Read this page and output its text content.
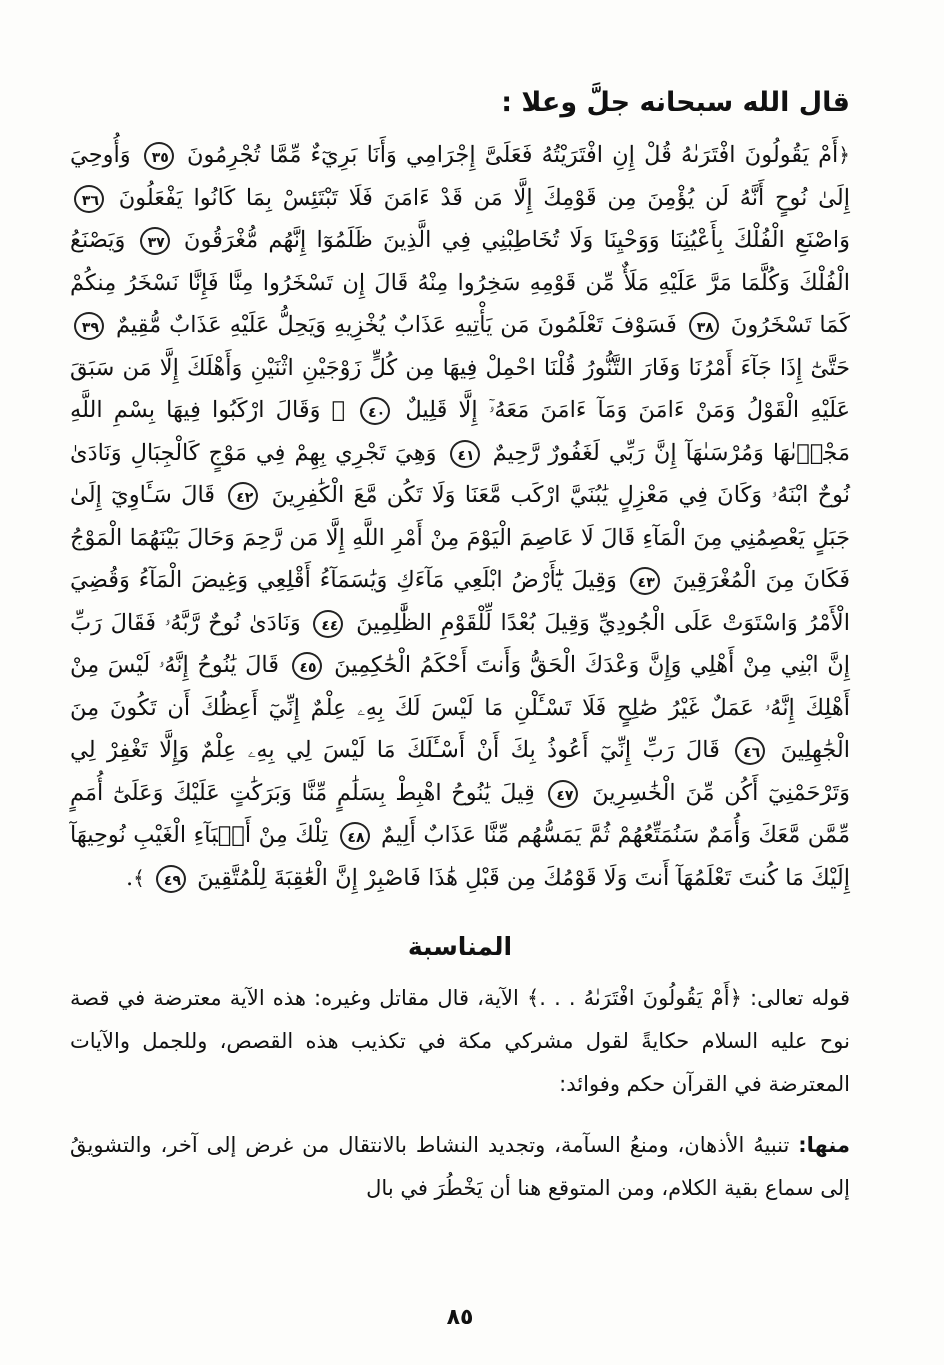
قال الله سبحانه جلَّ وعلا :

﴿أَمْ يَقُولُونَ افْتَرَىٰهُ قُلْ إِنِ افْتَرَيْتُهُ فَعَلَىَّ إِجْرَامِي وَأَنَا بَرِيٓءٌ مِّمَّا تُجْرِمُونَ ٣٥ وَأُوحِيَ إِلَىٰ نُوحٍ أَنَّهُ لَن يُؤْمِنَ مِن قَوْمِكَ إِلَّا مَن قَدْ ءَامَنَ فَلَا تَبْتَئِسْ بِمَا كَانُوا يَفْعَلُونَ ٣٦ وَاصْنَعِ الْفُلْكَ بِأَعْيُنِنَا وَوَحْيِنَا وَلَا تُخَاطِبْنِي فِي الَّذِينَ ظَلَمُوٓا إِنَّهُم مُّغْرَقُونَ ٣٧ وَيَصْنَعُ الْفُلْكَ وَكُلَّمَا مَرَّ عَلَيْهِ مَلَأٌ مِّن قَوْمِهِ سَخِرُوا مِنْهُ قَالَ إِن تَسْخَرُوا مِنَّا فَإِنَّا نَسْخَرُ مِنكُمْ كَمَا تَسْخَرُونَ ٣٨ فَسَوْفَ تَعْلَمُونَ مَن يَأْتِيهِ عَذَابٌ يُخْزِيهِ وَيَحِلُّ عَلَيْهِ عَذَابٌ مُّقِيمٌ ٣٩ حَتَّىٰٓ إِذَا جَآءَ أَمْرُنَا وَفَارَ التَّنُّورُ قُلْنَا احْمِلْ فِيهَا مِن كُلٍّ زَوْجَيْنِ اثْنَيْنِ وَأَهْلَكَ إِلَّا مَن سَبَقَ عَلَيْهِ الْقَوْلُ وَمَنْ ءَامَنَ وَمَآ ءَامَنَ مَعَهُۥٓ إِلَّا قَلِيلٌ ٤٠ ۞ وَقَالَ ارْكَبُوا فِيهَا بِسْمِ اللَّهِ مَجْرٜىٰهَا وَمُرْسَىٰهَآ إِنَّ رَبِّي لَغَفُورٌ رَّحِيمٌ ٤١ وَهِيَ تَجْرِي بِهِمْ فِي مَوْجٍ كَالْجِبَالِ وَنَادَىٰ نُوحٌ ابْنَهُۥ وَكَانَ فِي مَعْزِلٍ يَٰبُنَيَّ ارْكَب مَّعَنَا وَلَا تَكُن مَّعَ الْكَٰفِرِينَ ٤٢ قَالَ سَـَٔاوِيٓ إِلَىٰ جَبَلٍ يَعْصِمُنِي مِنَ الْمَآءِ قَالَ لَا عَاصِمَ الْيَوْمَ مِنْ أَمْرِ اللَّهِ إِلَّا مَن رَّحِمَ وَحَالَ بَيْنَهُمَا الْمَوْجُ فَكَانَ مِنَ الْمُغْرَقِينَ ٤٣ وَقِيلَ يَٰٓأَرْضُ ابْلَعِي مَآءَكِ وَيَٰسَمَآءُ أَقْلِعِي وَغِيضَ الْمَآءُ وَقُضِيَ الْأَمْرُ وَاسْتَوَتْ عَلَى الْجُودِيِّ وَقِيلَ بُعْدًا لِّلْقَوْمِ الظَّٰلِمِينَ ٤٤ وَنَادَىٰ نُوحٌ رَّبَّهُۥ فَقَالَ رَبِّ إِنَّ ابْنِي مِنْ أَهْلِي وَإِنَّ وَعْدَكَ الْحَقُّ وَأَنتَ أَحْكَمُ الْحَٰكِمِينَ ٤٥ قَالَ يَٰنُوحُ إِنَّهُۥ لَيْسَ مِنْ أَهْلِكَ إِنَّهُۥ عَمَلٌ غَيْرُ صَٰلِحٍ فَلَا تَسْـَٔلْنِ مَا لَيْسَ لَكَ بِهِۦ عِلْمٌ إِنِّيٓ أَعِظُكَ أَن تَكُونَ مِنَ الْجَٰهِلِينَ ٤٦ قَالَ رَبِّ إِنِّيٓ أَعُوذُ بِكَ أَنْ أَسْـَٔلَكَ مَا لَيْسَ لِي بِهِۦ عِلْمٌ وَإِلَّا تَغْفِرْ لِي وَتَرْحَمْنِيٓ أَكُن مِّنَ الْخَٰسِرِينَ ٤٧ قِيلَ يَٰنُوحُ اهْبِطْ بِسَلَٰمٍ مِّنَّا وَبَرَكَٰتٍ عَلَيْكَ وَعَلَىٰٓ أُمَمٍ مِّمَّن مَّعَكَ وَأُمَمٌ سَنُمَتِّعُهُمْ ثُمَّ يَمَسُّهُم مِّنَّا عَذَابٌ أَلِيمٌ ٤٨ تِلْكَ مِنْ أَنۢبَآءِ الْغَيْبِ نُوحِيهَآ إِلَيْكَ مَا كُنتَ تَعْلَمُهَآ أَنتَ وَلَا قَوْمُكَ مِن قَبْلِ هَٰذَا فَاصْبِرْ إِنَّ الْعَٰقِبَةَ لِلْمُتَّقِينَ ٤٩ ﴾.

المناسبة

قوله تعالى: ﴿أَمْ يَقُولُونَ افْتَرَىٰهُ . . .﴾ الآية، قال مقاتل وغيره: هذه الآية معترضة في قصة نوح عليه السلام حكايةً لقول مشركي مكة في تكذيب هذه القصص، وللجمل والآيات المعترضة في القرآن حكم وفوائد:

منها: تنبيهُ الأذهان، ومنعُ السآمة، وتجديد النشاط بالانتقال من غرض إلى آخر، والتشويقُ إلى سماع بقية الكلام، ومن المتوقع هنا أن يَخْطُرَ في بال

٨٥
